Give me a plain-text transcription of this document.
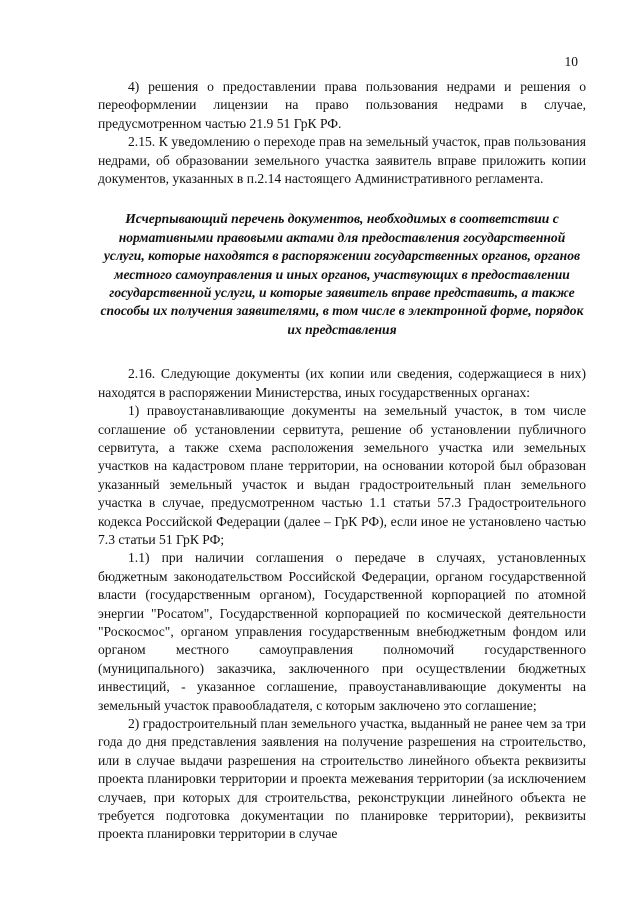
10

4) решения о предоставлении права пользования недрами и решения о переоформлении лицензии на право пользования недрами в случае, предусмотренном частью 21.9 51 ГрК РФ.

2.15. К уведомлению о переходе прав на земельный участок, прав пользования недрами, об образовании земельного участка заявитель вправе приложить копии документов, указанных в п.2.14 настоящего Административного регламента.

Исчерпывающий перечень документов, необходимых в соответствии с нормативными правовыми актами для предоставления государственной услуги, которые находятся в распоряжении государственных органов, органов местного самоуправления и иных органов, участвующих в предоставлении государственной услуги, и которые заявитель вправе представить, а также способы их получения заявителями, в том числе в электронной форме, порядок их представления

2.16. Следующие документы (их копии или сведения, содержащиеся в них) находятся в распоряжении Министерства, иных государственных органах:

1) правоустанавливающие документы на земельный участок, в том числе соглашение об установлении сервитута, решение об установлении публичного сервитута, а также схема расположения земельного участка или земельных участков на кадастровом плане территории, на основании которой был образован указанный земельный участок и выдан градостроительный план земельного участка в случае, предусмотренном частью 1.1 статьи 57.3 Градостроительного кодекса Российской Федерации (далее – ГрК РФ), если иное не установлено частью 7.3 статьи 51 ГрК РФ;

1.1) при наличии соглашения о передаче в случаях, установленных бюджетным законодательством Российской Федерации, органом государственной власти (государственным органом), Государственной корпорацией по атомной энергии "Росатом", Государственной корпорацией по космической деятельности "Роскосмос", органом управления государственным внебюджетным фондом или органом местного самоуправления полномочий государственного (муниципального) заказчика, заключенного при осуществлении бюджетных инвестиций, - указанное соглашение, правоустанавливающие документы на земельный участок правообладателя, с которым заключено это соглашение;

2) градостроительный план земельного участка, выданный не ранее чем за три года до дня представления заявления на получение разрешения на строительство, или в случае выдачи разрешения на строительство линейного объекта реквизиты проекта планировки территории и проекта межевания территории (за исключением случаев, при которых для строительства, реконструкции линейного объекта не требуется подготовка документации по планировке территории), реквизиты проекта планировки территории в случае
